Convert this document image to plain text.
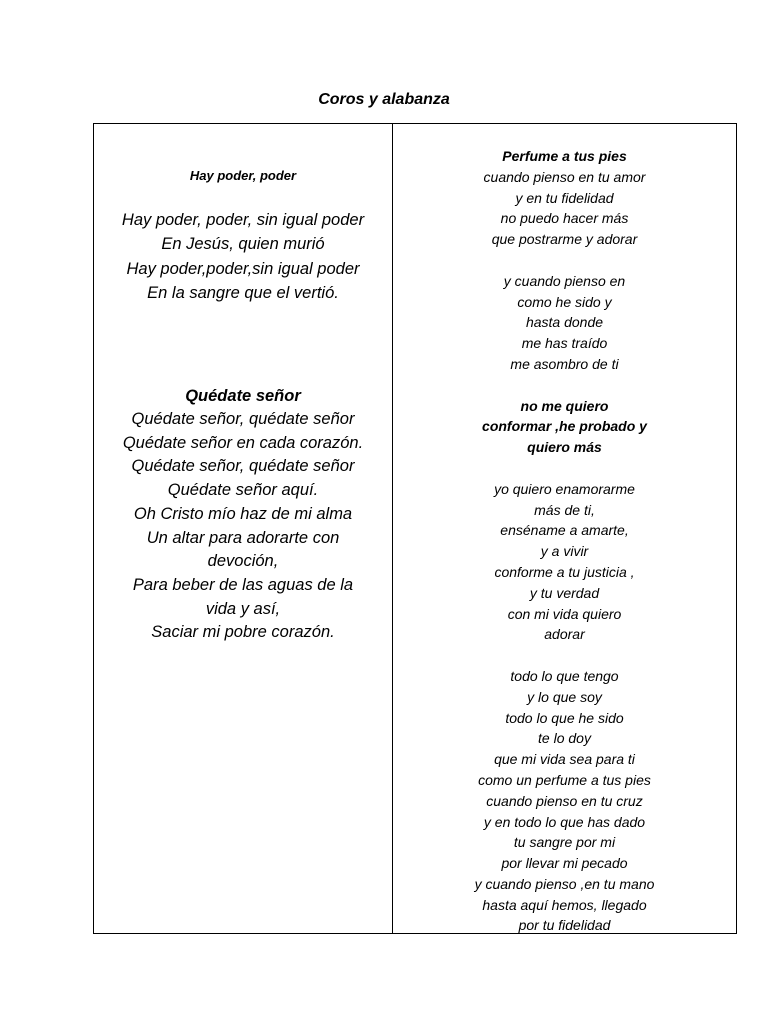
Coros y alabanza
Hay poder, poder
Hay poder, poder, sin igual poder
En Jesús, quien murió
Hay poder,poder,sin igual poder
En la sangre que el vertió.
Quédate señor
Quédate señor, quédate señor
Quédate señor en cada corazón.
Quédate señor, quédate señor
Quédate señor aquí.
Oh Cristo mío haz de mi alma
Un altar para adorarte con
devoción,
Para beber de las aguas de la
vida y así,
Saciar mi pobre corazón.
Perfume a tus pies
cuando pienso en tu amor
y en tu fidelidad
no puedo hacer más
que postrarme y adorar
y cuando pienso en
como he sido y
hasta donde
me has traído
me asombro de ti
no me quiero
conformar ,he probado y
quiero más
yo quiero enamorarme
más de ti,
enséname a amarte,
y a vivir
conforme a tu justicia ,
y tu verdad
con mi vida quiero
adorar
todo lo que tengo
y lo que soy
todo lo que he sido
te lo doy
que mi vida sea para ti
como un perfume a tus pies
cuando pienso en tu cruz
y en todo lo que has dado
tu sangre por mi
por llevar mi pecado
y cuando pienso ,en tu mano
hasta aquí hemos, llegado
por tu fidelidad
